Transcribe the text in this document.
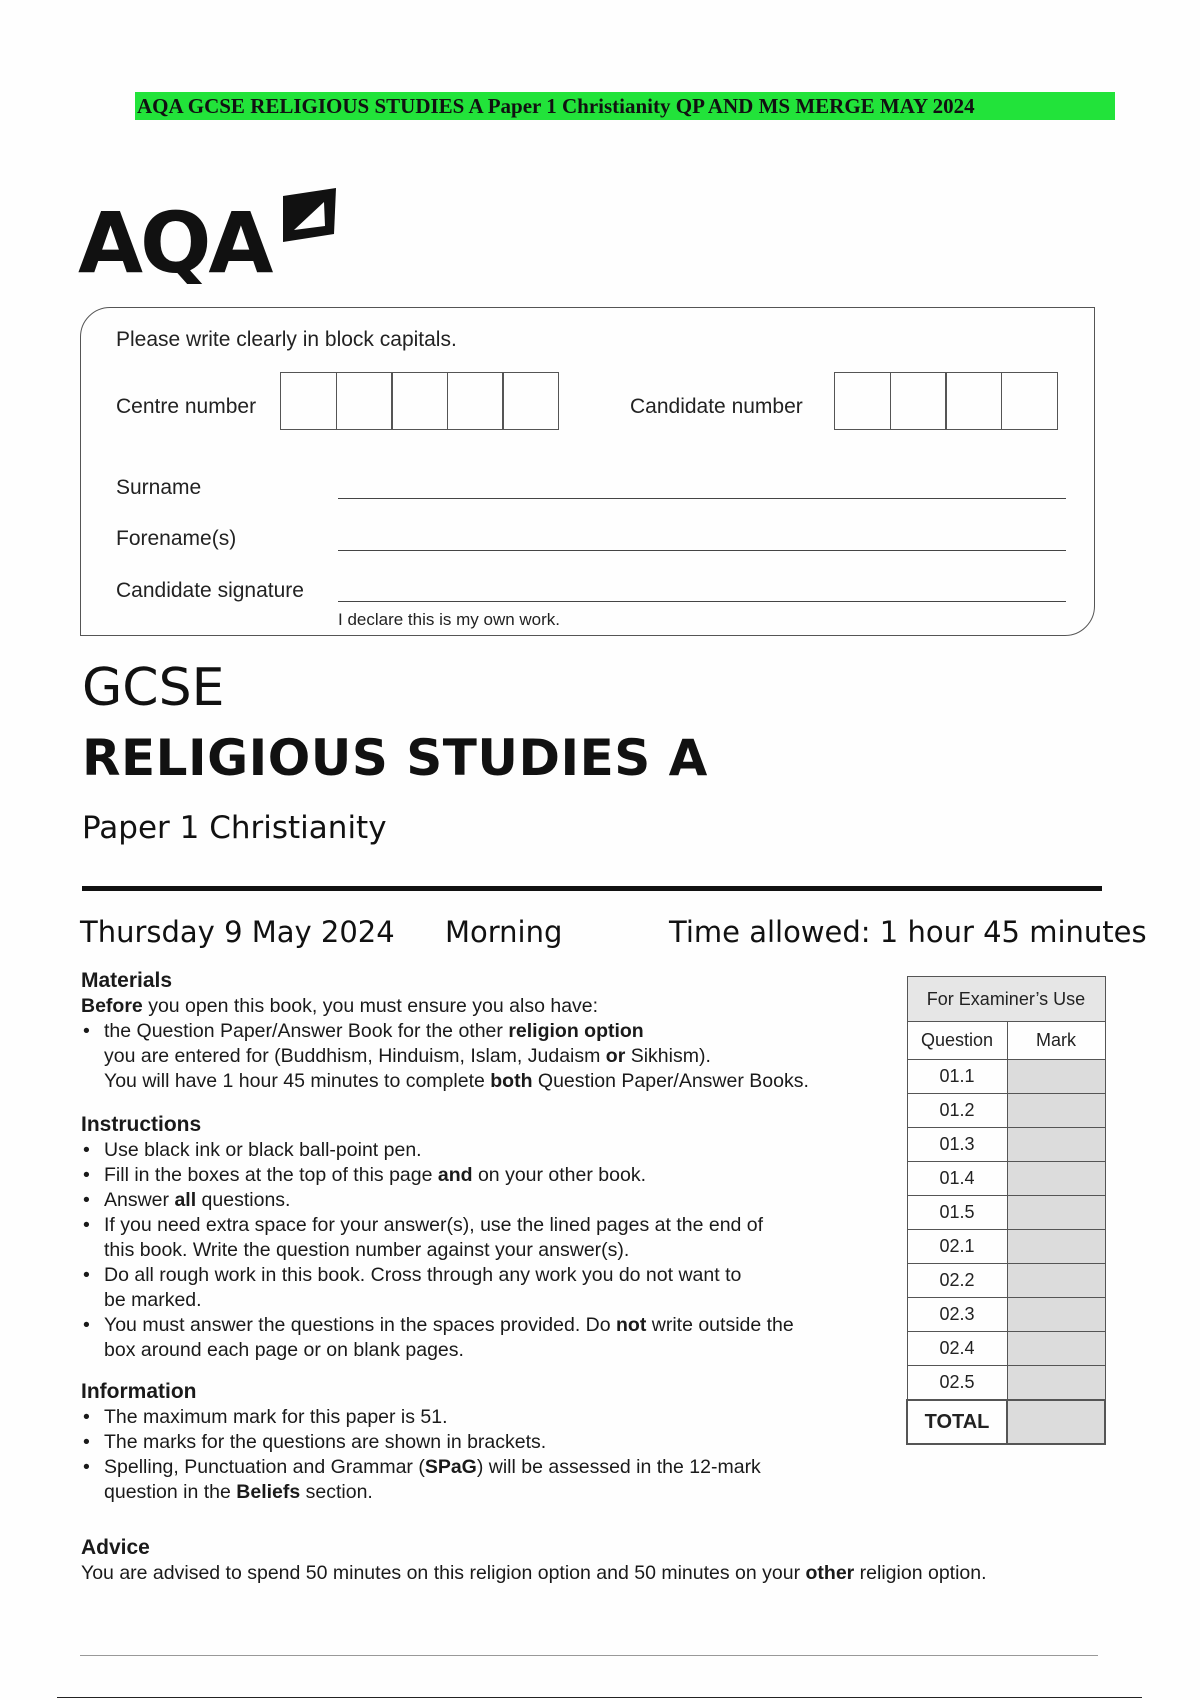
AQA GCSE RELIGIOUS STUDIES A Paper 1 Christianity QP AND MS MERGE MAY 2024
AQA
Please write clearly in block capitals.
Centre number	Candidate number
Surname
Forename(s)
Candidate signature
I declare this is my own work.
GCSE
RELIGIOUS STUDIES A
Paper 1 Christianity
Thursday 9 May 2024 Morning	Time allowed: 1 hour 45 minutes
Materials

Before you open this book, you must ensure you also have:

• the Question Paper/Answer Book for the other religion option
you are entered for (Buddhism, Hinduism, Islam, Judaism or Sikhism).
You will have 1 hour 45 minutes to complete both Question Paper/Answer Books.
Instructions
• Use black ink or black ball-point pen.
• Fill in the boxes at the top of this page and on your other book.
• Answer all questions.
• If you need extra space for your answer(s), use the lined pages at the end of
this book. Write the question number against your answer(s).
• Do all rough work in this book. Cross through any work you do not want to
be marked.
• You must answer the questions in the spaces provided. Do not write outside the
box around each page or on blank pages.
Information
• The maximum mark for this paper is 51.
• The marks for the questions are shown in brackets.
• Spelling, Punctuation and Grammar (SPaG) will be assessed in the 12-mark
question in the Beliefs section.
Advice

You are advised to spend 50 minutes on this religion option and 50 minutes on your other religion option.

For Examiner’s Use	
Question	Mark
01.1	
01.2	
01.3	
01.4	
01.5	
02.1	
02.2	
02.3	
02.4	
02.5	
TOTAL	
